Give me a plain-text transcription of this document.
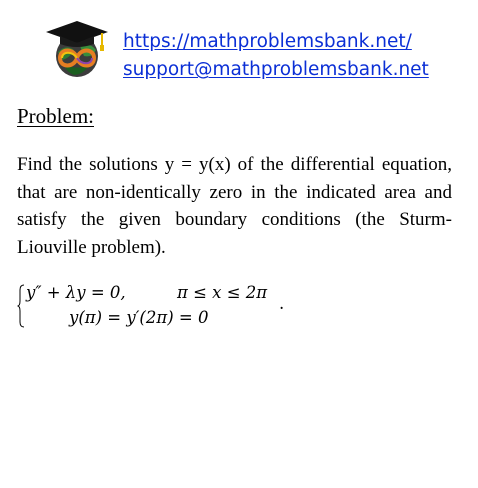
https://mathproblemsbank.net/
support@mathproblemsbank.net
Problem:
Find the solutions y = y(x) of the differential equation, that are non-identically zero in the indicated area and satisfy the given boundary conditions (the Sturm-Liouville problem).
y″ + λy = 0,	π ≤ x ≤ 2π
y(π) = y′(2π) = 0
.
